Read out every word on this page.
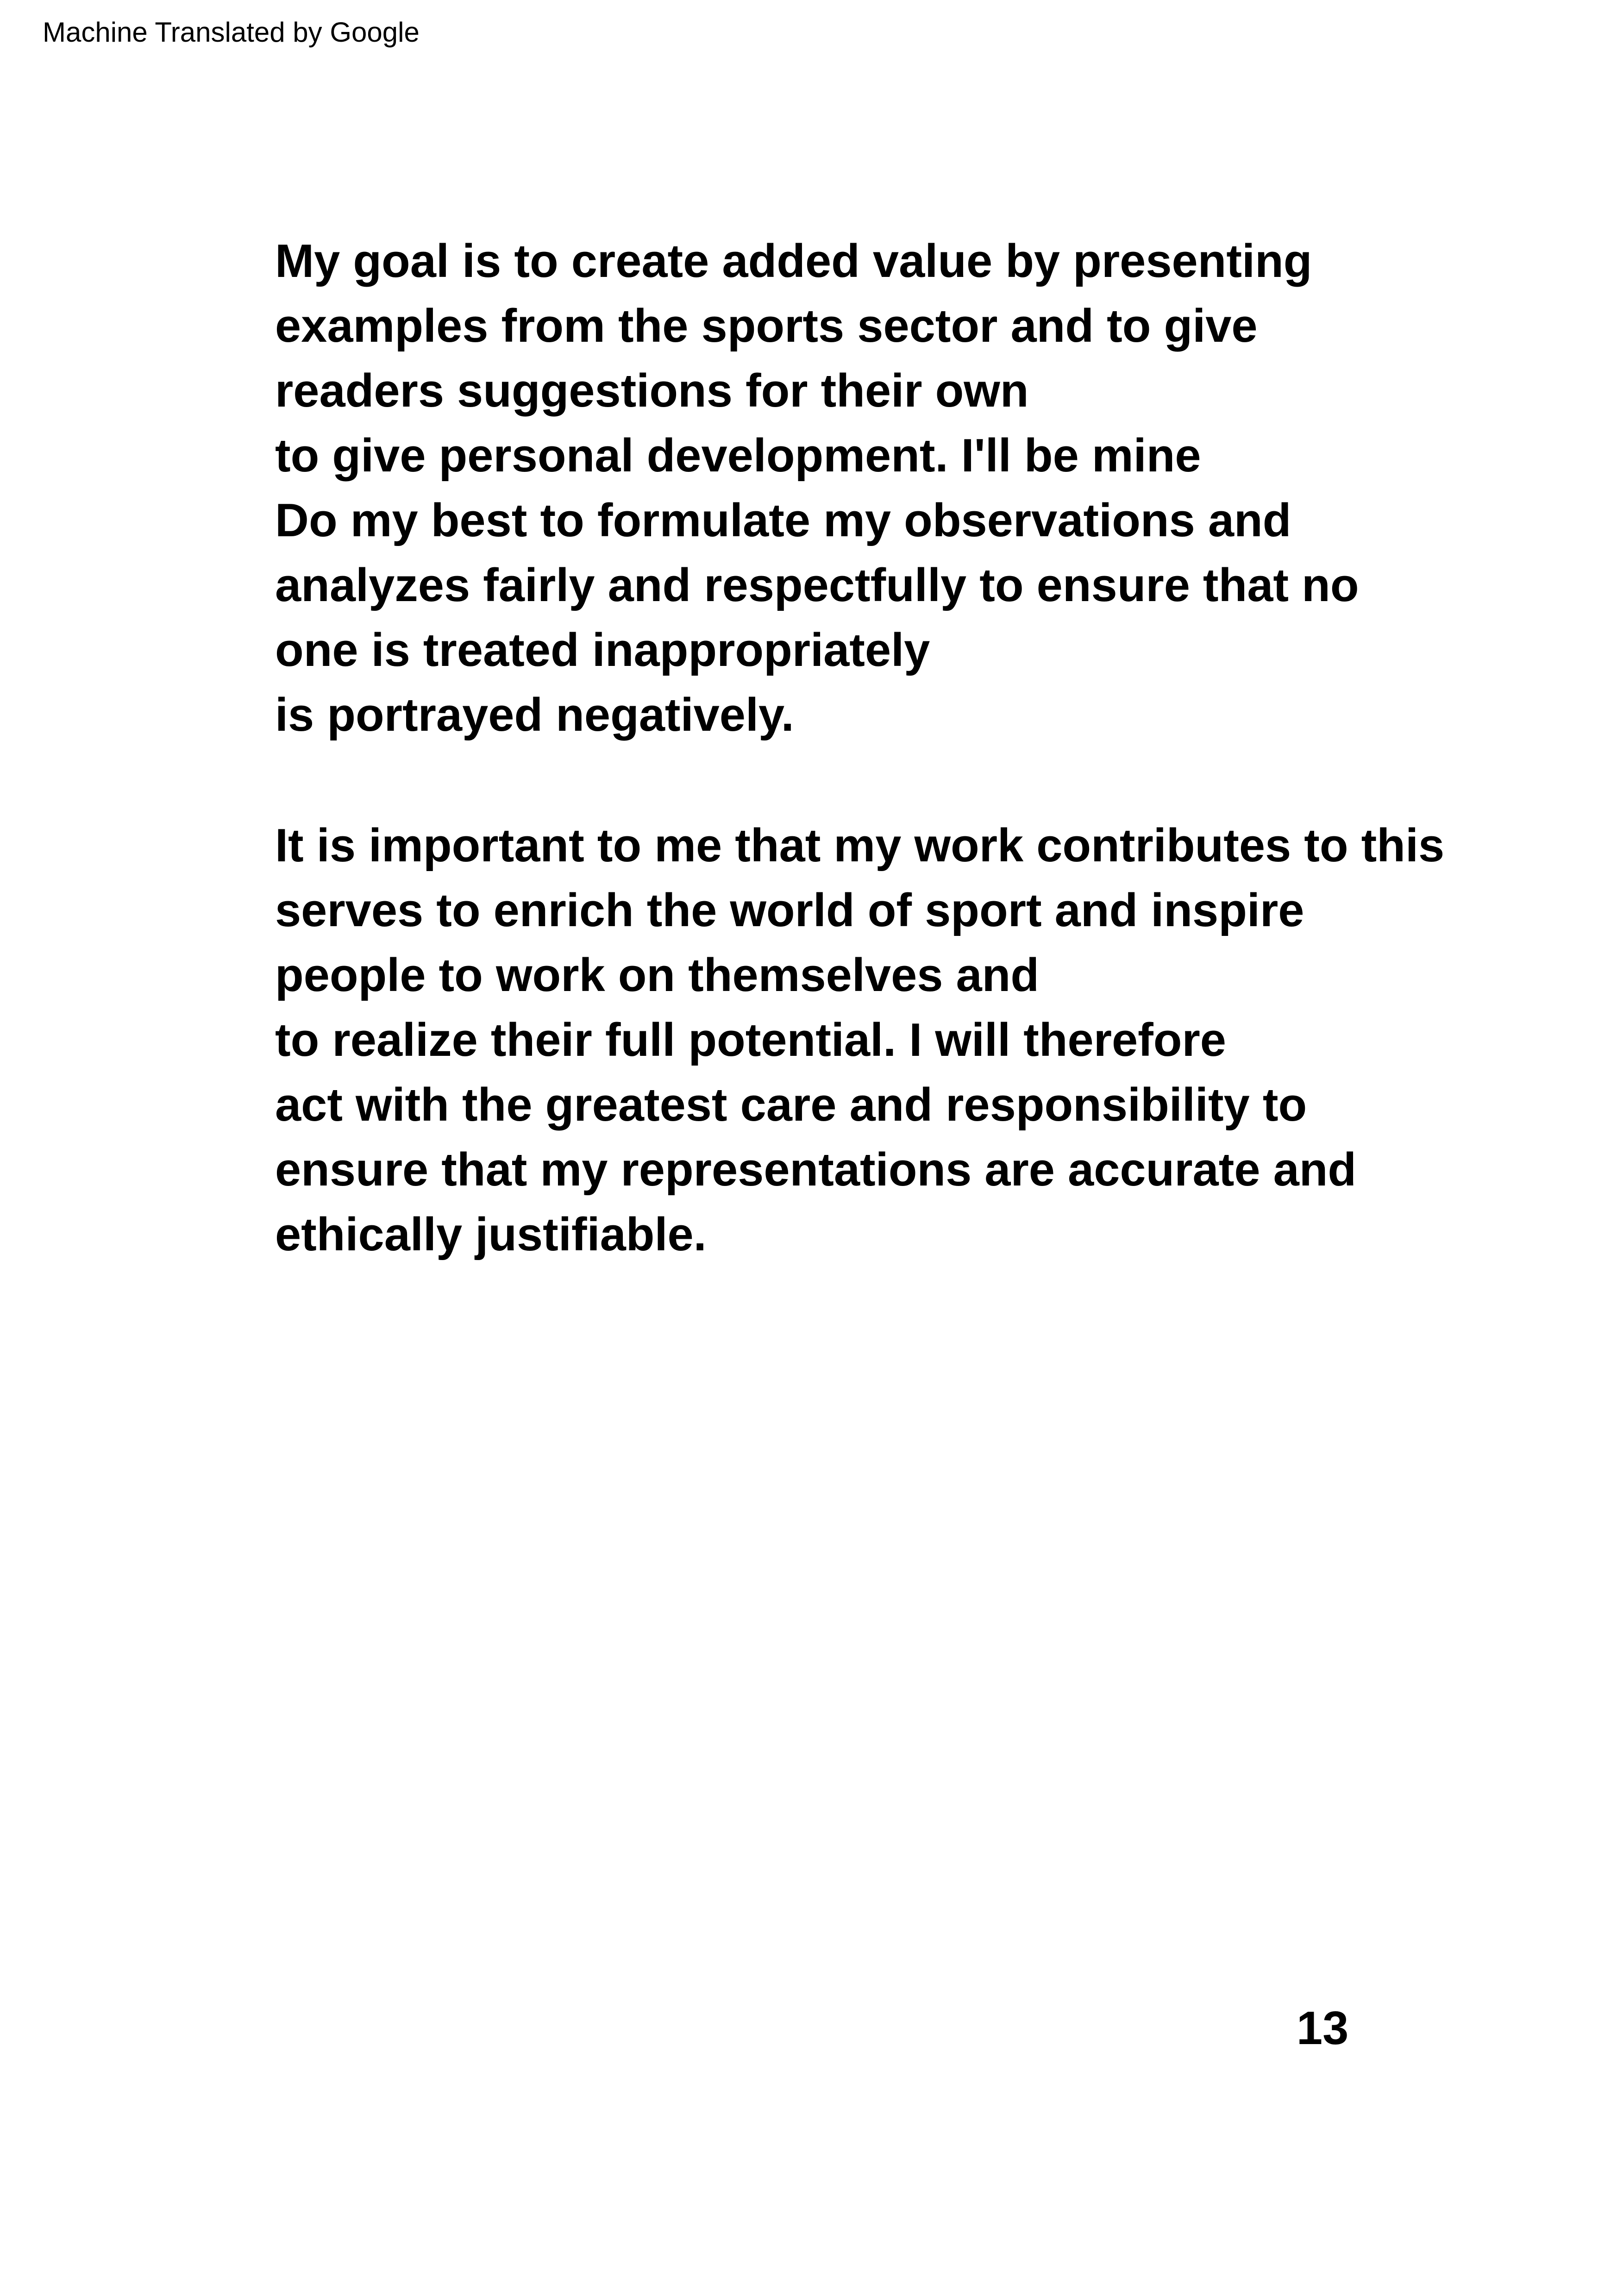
Machine Translated by Google
My goal is to create added value by presenting
examples from the sports sector and to give
readers suggestions for their own
to give personal development. I'll be mine
Do my best to formulate my observations and
analyzes fairly and respectfully to ensure that no
one is treated inappropriately
is portrayed negatively.
It is important to me that my work contributes to this
serves to enrich the world of sport and inspire
people to work on themselves and
to realize their full potential. I will therefore
act with the greatest care and responsibility to
ensure that my representations are accurate and
ethically justifiable.
13
